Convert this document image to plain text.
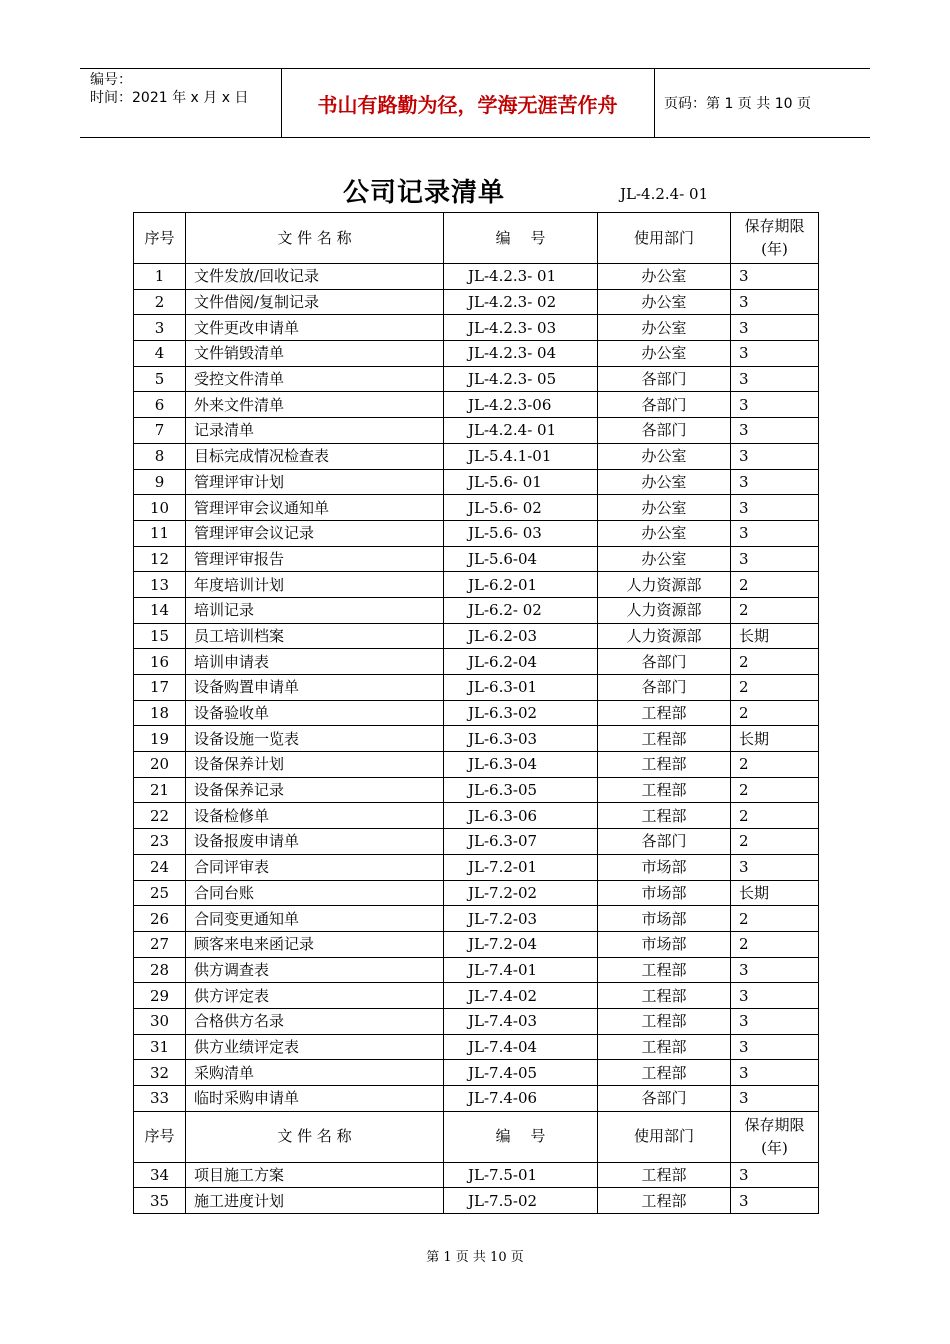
编号：
时间：2021 年 x 月 x 日	书山有路勤为径，学海无涯苦作舟	页码：第 1 页 共 10 页
公司记录清单	JL-4.2.4- 01
序号	文 件 名 称	编　 号	使用部门	保存期限
(年)

1	文件发放/回收记录	JL-4.2.3- 01	办公室	3
2	文件借阅/复制记录	JL-4.2.3- 02	办公室	3
3	文件更改申请单	JL-4.2.3- 03	办公室	3
4	文件销毁清单	JL-4.2.3- 04	办公室	3
5	受控文件清单	JL-4.2.3- 05	各部门	3
6	外来文件清单	JL-4.2.3-06	各部门	3
7	记录清单	JL-4.2.4- 01	各部门	3
8	目标完成情况检查表	JL-5.4.1-01	办公室	3
9	管理评审计划	JL-5.6- 01	办公室	3
10	管理评审会议通知单	JL-5.6- 02	办公室	3
11	管理评审会议记录	JL-5.6- 03	办公室	3
12	管理评审报告	JL-5.6-04	办公室	3
13	年度培训计划	JL-6.2-01	人力资源部	2
14	培训记录	JL-6.2- 02	人力资源部	2
15	员工培训档案	JL-6.2-03	人力资源部	长期
16	培训申请表	JL-6.2-04	各部门	2
17	设备购置申请单	JL-6.3-01	各部门	2
18	设备验收单	JL-6.3-02	工程部	2
19	设备设施一览表	JL-6.3-03	工程部	长期
20	设备保养计划	JL-6.3-04	工程部	2
21	设备保养记录	JL-6.3-05	工程部	2
22	设备检修单	JL-6.3-06	工程部	2
23	设备报废申请单	JL-6.3-07	各部门	2
24	合同评审表	JL-7.2-01	市场部	3
25	合同台账	JL-7.2-02	市场部	长期
26	合同变更通知单	JL-7.2-03	市场部	2
27	顾客来电来函记录	JL-7.2-04	市场部	2
28	供方调查表	JL-7.4-01	工程部	3
29	供方评定表	JL-7.4-02	工程部	3
30	合格供方名录	JL-7.4-03	工程部	3
31	供方业绩评定表	JL-7.4-04	工程部	3
32	采购清单	JL-7.4-05	工程部	3
33	临时采购申请单	JL-7.4-06	各部门	3
序号	文 件 名 称	编　 号	使用部门	保存期限
(年)

34	项目施工方案	JL-7.5-01	工程部	3
35	施工进度计划	JL-7.5-02	工程部	3
第 1 页 共 10 页
